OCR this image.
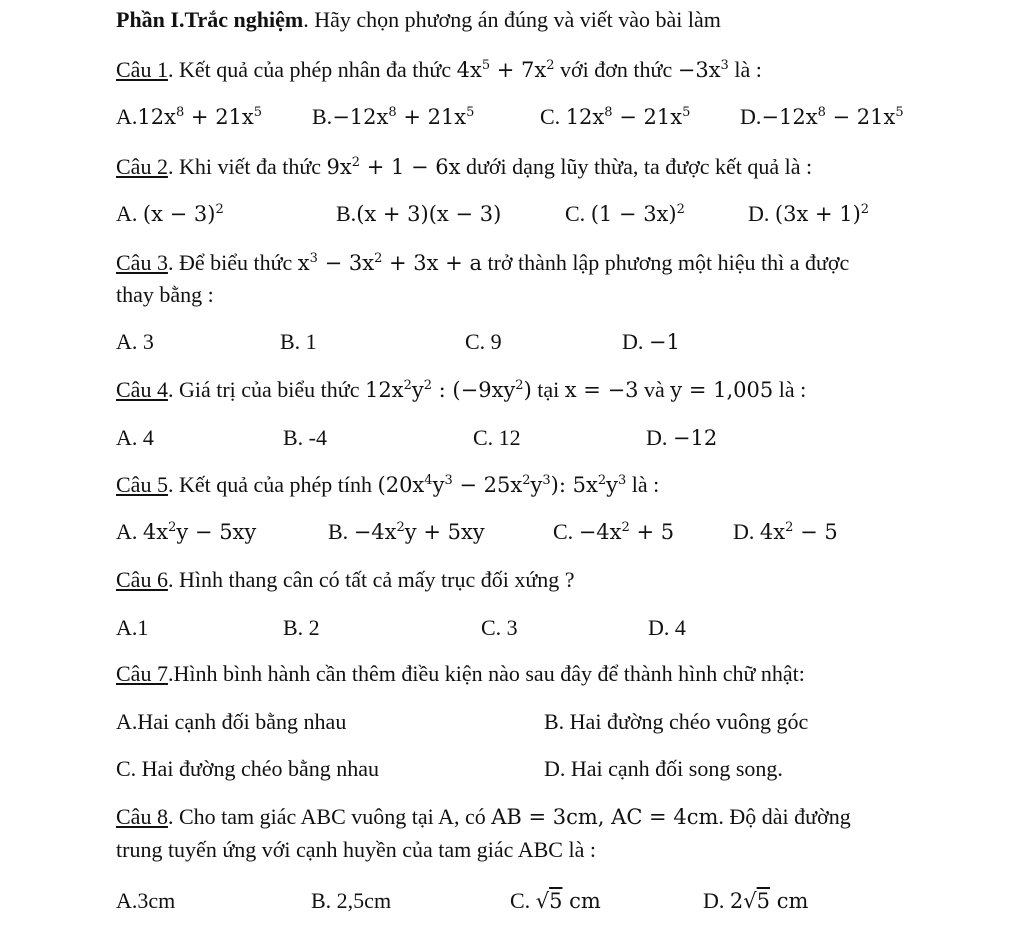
Phần I.Trắc nghiệm. Hãy chọn phương án đúng và viết vào bài làm
Câu 1. Kết quả của phép nhân đa thức $4x^5 + 7x^2$ với đơn thức $-3x^3$ là :
$A.12x^8 + 21x^5$ $B.-12x^8 + 21x^5$	C. $12x^8 - 21x^5$ $D.-12x^8 - 21x^5$
Câu 2. Khi viết đa thức $9x^2 + 1 - 6x$ dưới dạng lũy thừa, ta được kết quả là :
A. $(x - 3)^2$	B.(x + 3)(x − 3)	C. $(1 - 3x)^2$	D. $(3x + 1)^2$
Câu 3. Để biểu thức $x^3 - 3x^2 + 3x + a$ trở thành lập phương một hiệu thì a được
thay bằng :
A. 3	B. 1	C. 9	D. −1
Câu 4. Giá trị của biểu thức $12x^2y^2$ : $(-9xy^2)$ tại x = −3 và y = 1,005 là :
A. 4	B. -4	C. 12	D. −12
Câu 5. Kết quả của phép tính $(20x^4y^3 - 25x^2y^3)$: $5x^2y^3$ là :
A. $4x^2y - 5xy$	B. $-4x^2y + 5xy$	C. $-4x^2 + 5$	D. $4x^2 - 5$
Câu 6. Hình thang cân có tất cả mấy trục đối xứng ?
A.1	B. 2	C. 3	D. 4
Câu 7.Hình bình hành cần thêm điều kiện nào sau đây để thành hình chữ nhật:
A.Hai cạnh đối bằng nhau	B. Hai đường chéo vuông góc
C. Hai đường chéo bằng nhau	D. Hai cạnh đối song song.
Câu 8. Cho tam giác ABC vuông tại A, có AB = 3cm, AC = 4cm. Độ dài đường
trung tuyến ứng với cạnh huyền của tam giác ABC là :
A.3cm	B. 2,5cm	C. √5 cm	D. 2√5 cm
